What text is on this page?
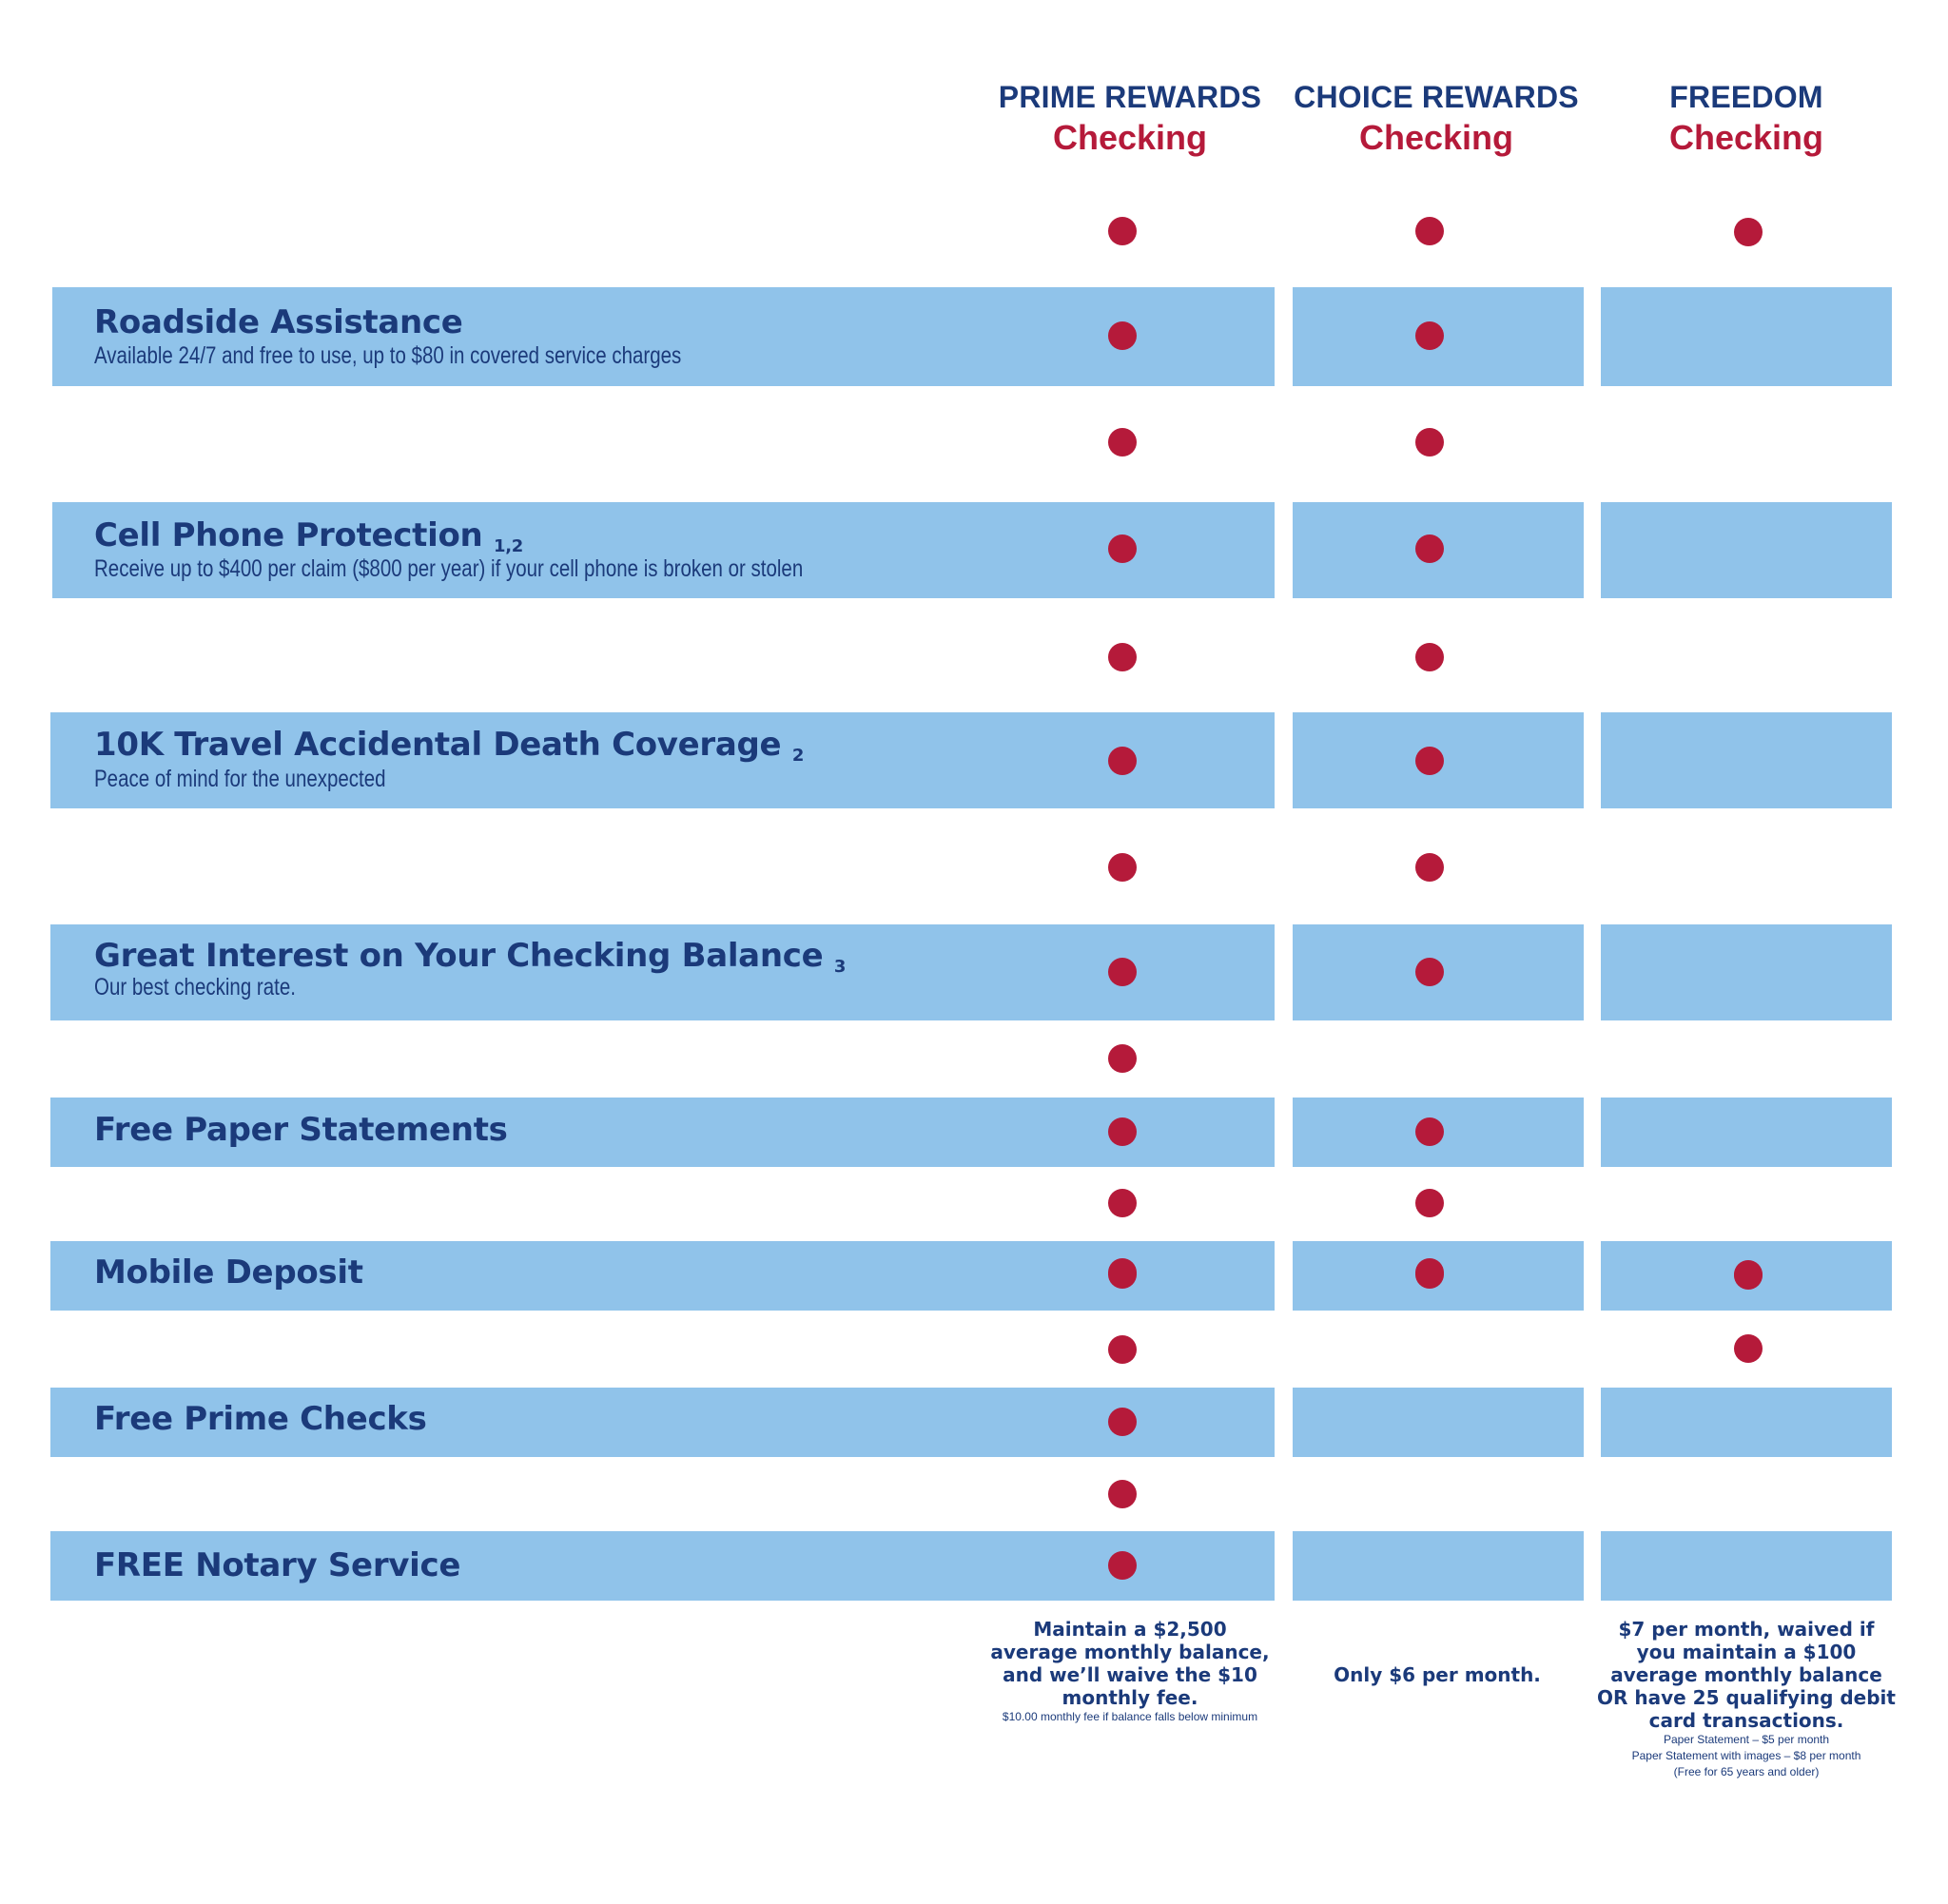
PRIME REWARDS
Checking
CHOICE REWARDS
Checking
FREEDOM
Checking
Roadside Assistance
Available 24/7 and free to use, up to $80 in covered service charges
Cell Phone Protection $_{1,2}$
Receive up to $400 per claim ($800 per year) if your cell phone is broken or stolen
10K Travel Accidental Death Coverage $_2$
Peace of mind for the unexpected
Great Interest on Your Checking Balance $_3$
Our best checking rate.
Free Paper Statements
Mobile Deposit
Free Prime Checks
FREE Notary Service
Maintain a $2,500 average monthly balance, and we’ll waive the $10 monthly fee.
$10.00 monthly fee if balance falls below minimum
Only $6 per month.
$7 per month, waived if you maintain a $100 average monthly balance OR have 25 qualifying debit card transactions.
Paper Statement – $5 per month
Paper Statement with images – $8 per month
(Free for 65 years and older)
